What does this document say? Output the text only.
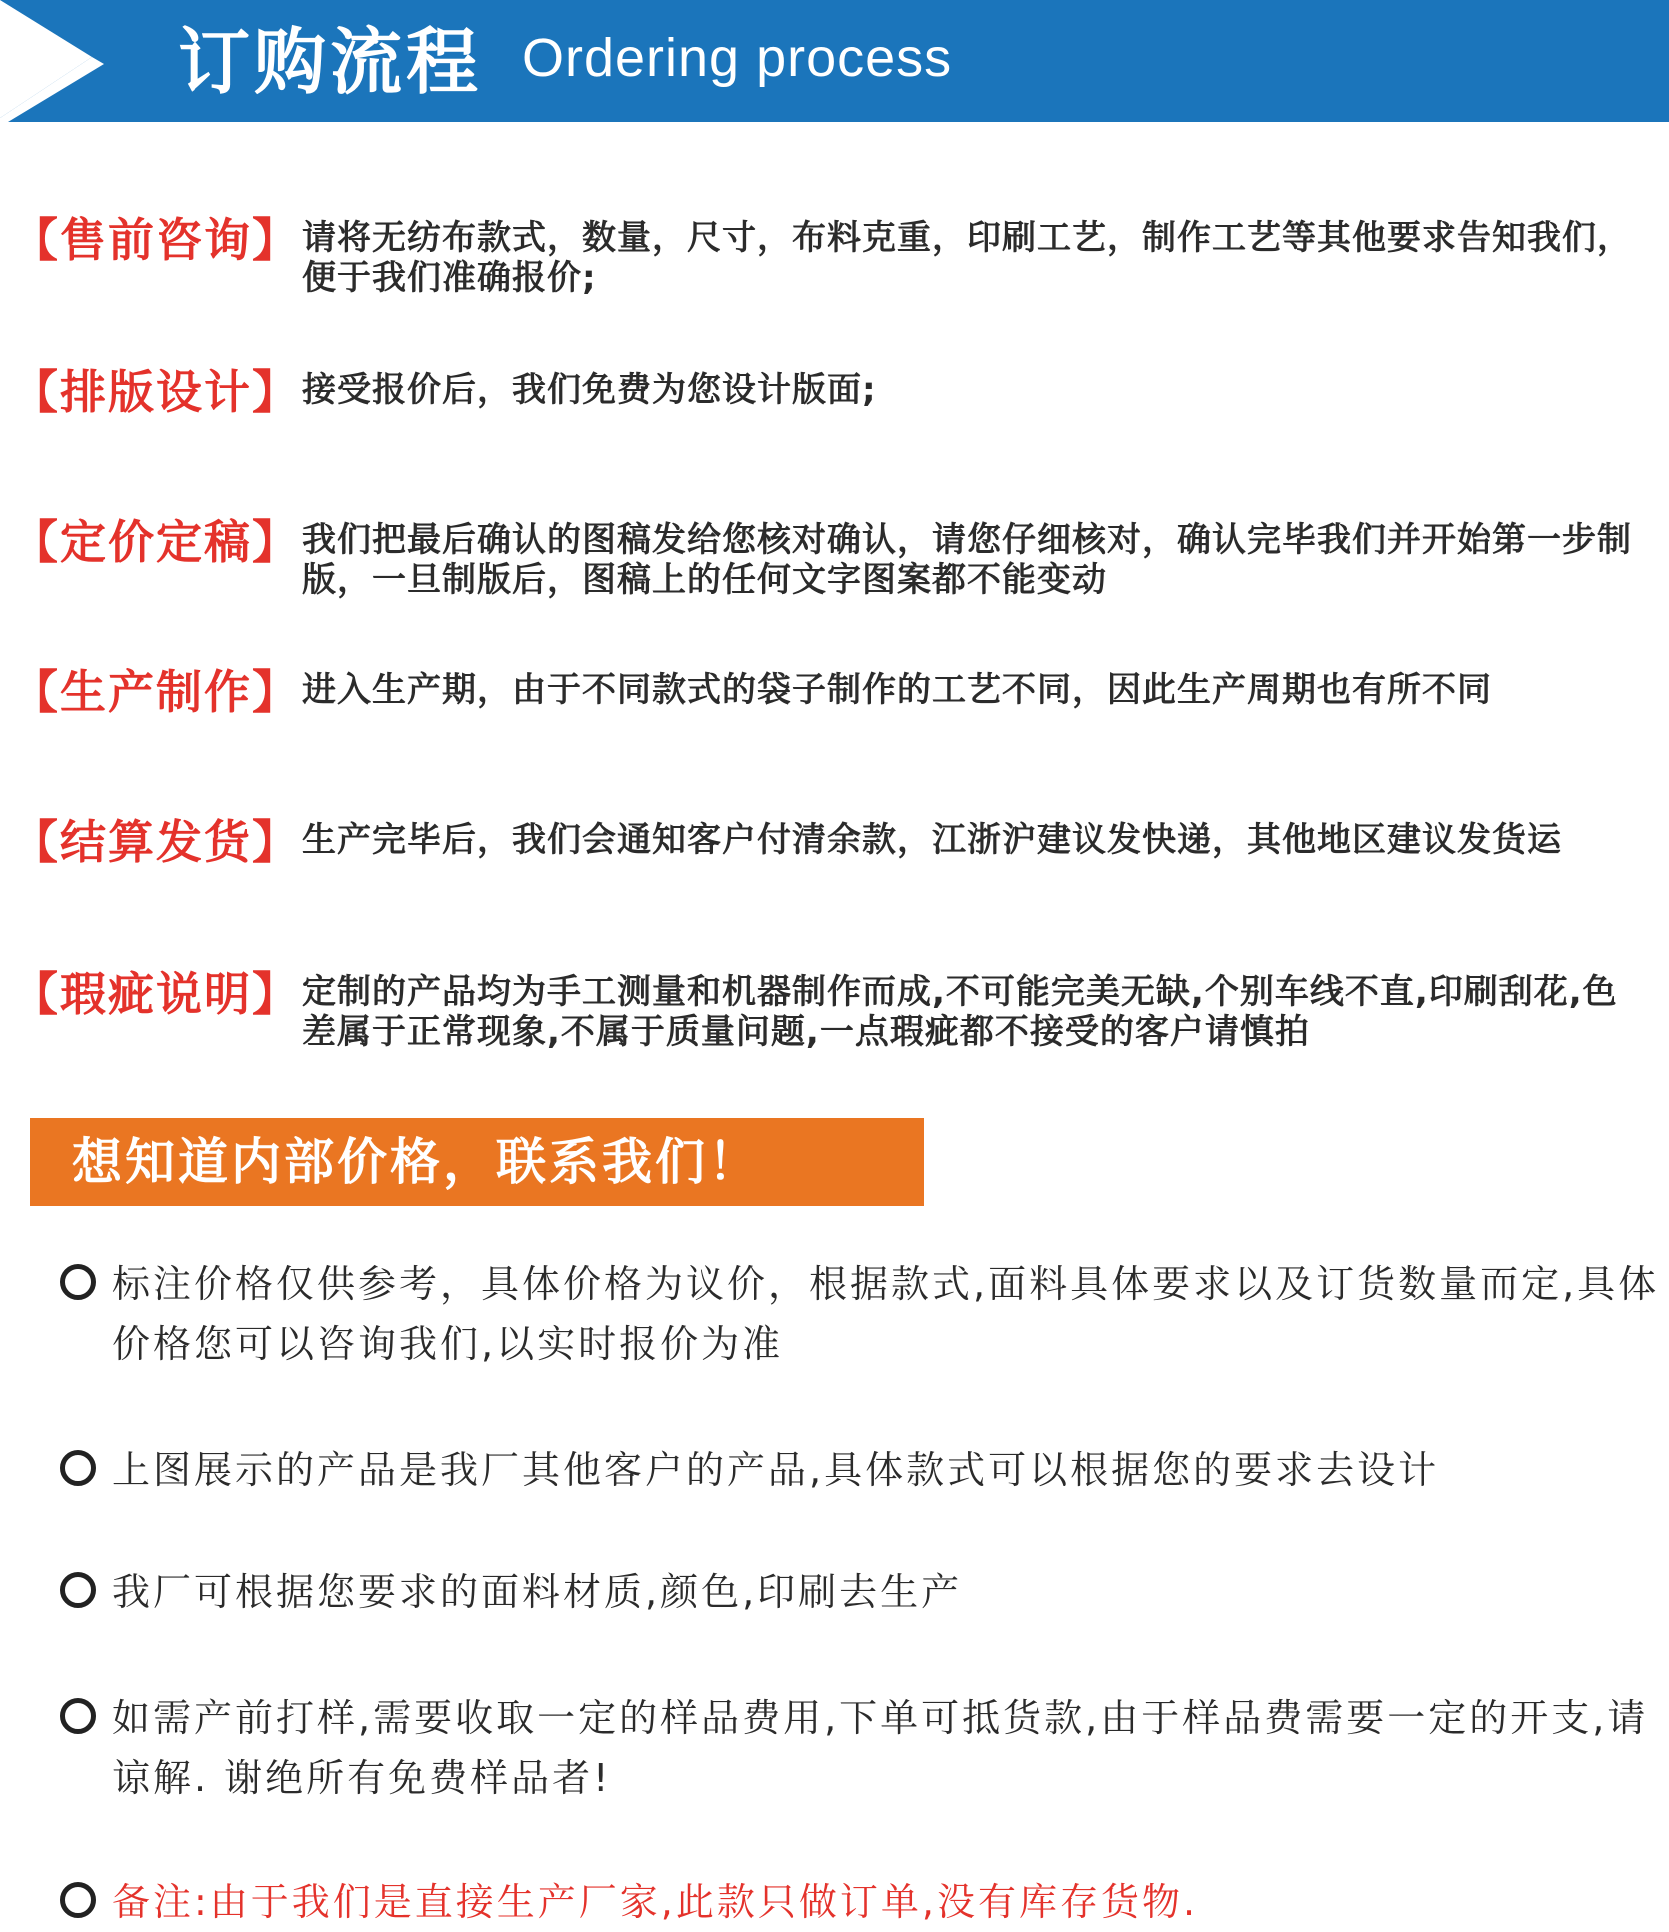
订购流程 Ordering process
【售前咨询】 请将无纺布款式，数量，尺寸，布料克重，印刷工艺，制作工艺等其他要求告知我们，便于我们准确报价;
【排版设计】 接受报价后，我们免费为您设计版面;
【定价定稿】 我们把最后确认的图稿发给您核对确认，请您仔细核对，确认完毕我们并开始第一步制版，一旦制版后，图稿上的任何文字图案都不能变动
【生产制作】 进入生产期，由于不同款式的袋子制作的工艺不同，因此生产周期也有所不同
【结算发货】 生产完毕后，我们会通知客户付清余款，江浙沪建议发快递，其他地区建议发货运
【瑕疵说明】 定制的产品均为手工测量和机器制作而成,不可能完美无缺,个别车线不直,印刷刮花,色差属于正常现象,不属于质量问题,一点瑕疵都不接受的客户请慎拍
想知道内部价格，联系我们！
标注价格仅供参考，具体价格为议价，根据款式,面料具体要求以及订货数量而定,具体价格您可以咨询我们,以实时报价为准
上图展示的产品是我厂其他客户的产品,具体款式可以根据您的要求去设计
我厂可根据您要求的面料材质,颜色,印刷去生产
如需产前打样,需要收取一定的样品费用,下单可抵货款,由于样品费需要一定的开支,请谅解. 谢绝所有免费样品者!
备注:由于我们是直接生产厂家,此款只做订单,没有库存货物.
